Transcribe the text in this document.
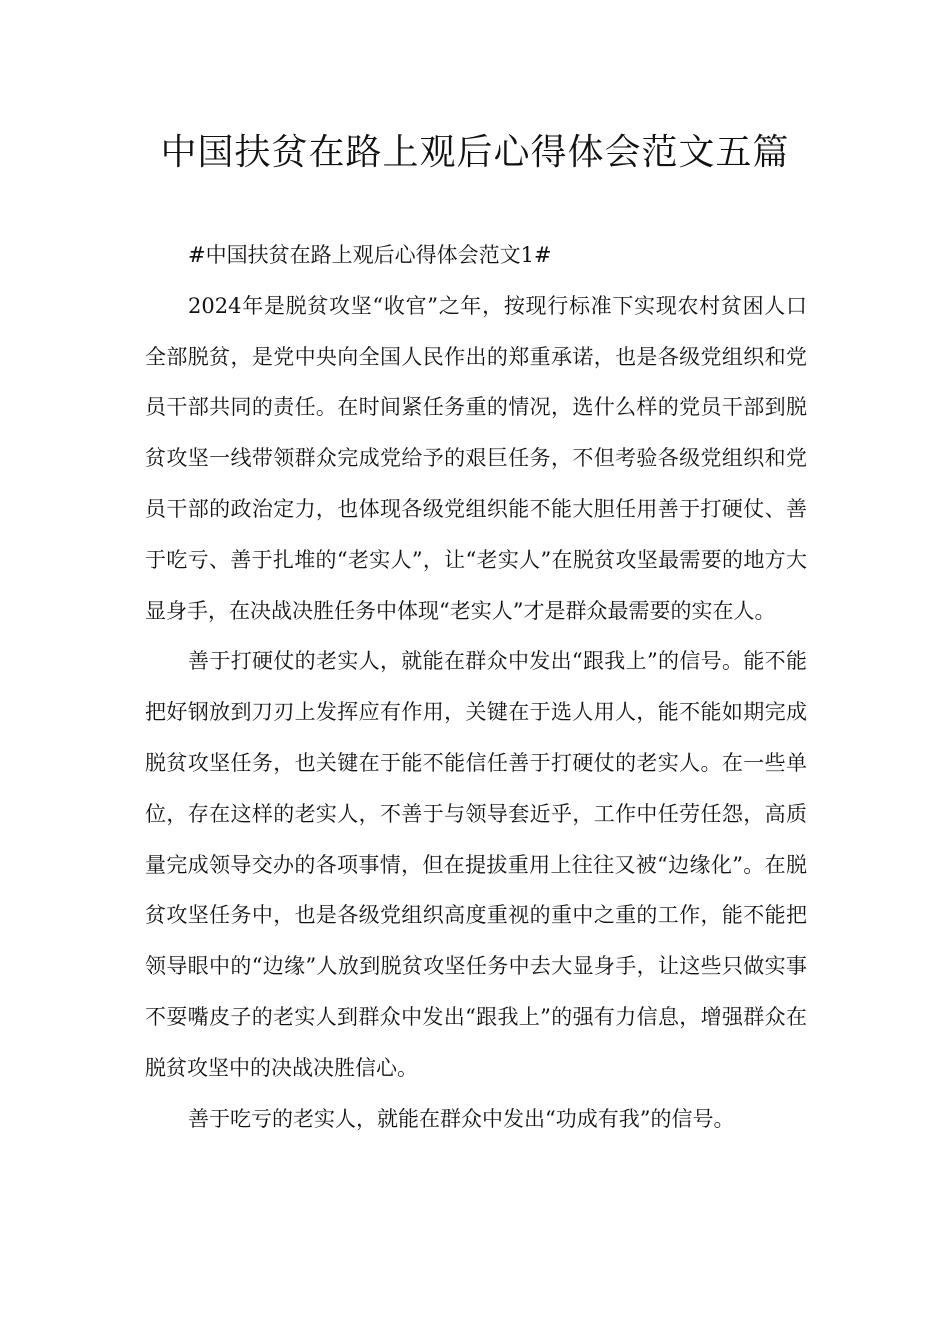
中国扶贫在路上观后心得体会范文五篇

#中国扶贫在路上观后心得体会范文1#

2024年是脱贫攻坚“收官”之年，按现行标准下实现农村贫困人口全部脱贫，是党中央向全国人民作出的郑重承诺，也是各级党组织和党员干部共同的责任。在时间紧任务重的情况，选什么样的党员干部到脱贫攻坚一线带领群众完成党给予的艰巨任务，不但考验各级党组织和党员干部的政治定力，也体现各级党组织能不能大胆任用善于打硬仗、善于吃亏、善于扎堆的“老实人”，让“老实人”在脱贫攻坚最需要的地方大显身手，在决战决胜任务中体现“老实人”才是群众最需要的实在人。

善于打硬仗的老实人，就能在群众中发出“跟我上”的信号。能不能把好钢放到刀刃上发挥应有作用，关键在于选人用人，能不能如期完成脱贫攻坚任务，也关键在于能不能信任善于打硬仗的老实人。在一些单位，存在这样的老实人，不善于与领导套近乎，工作中任劳任怨，高质量完成领导交办的各项事情，但在提拔重用上往往又被“边缘化”。在脱贫攻坚任务中，也是各级党组织高度重视的重中之重的工作，能不能把领导眼中的“边缘”人放到脱贫攻坚任务中去大显身手，让这些只做实事不耍嘴皮子的老实人到群众中发出“跟我上”的强有力信息，增强群众在脱贫攻坚中的决战决胜信心。

善于吃亏的老实人，就能在群众中发出“功成有我”的信号。
